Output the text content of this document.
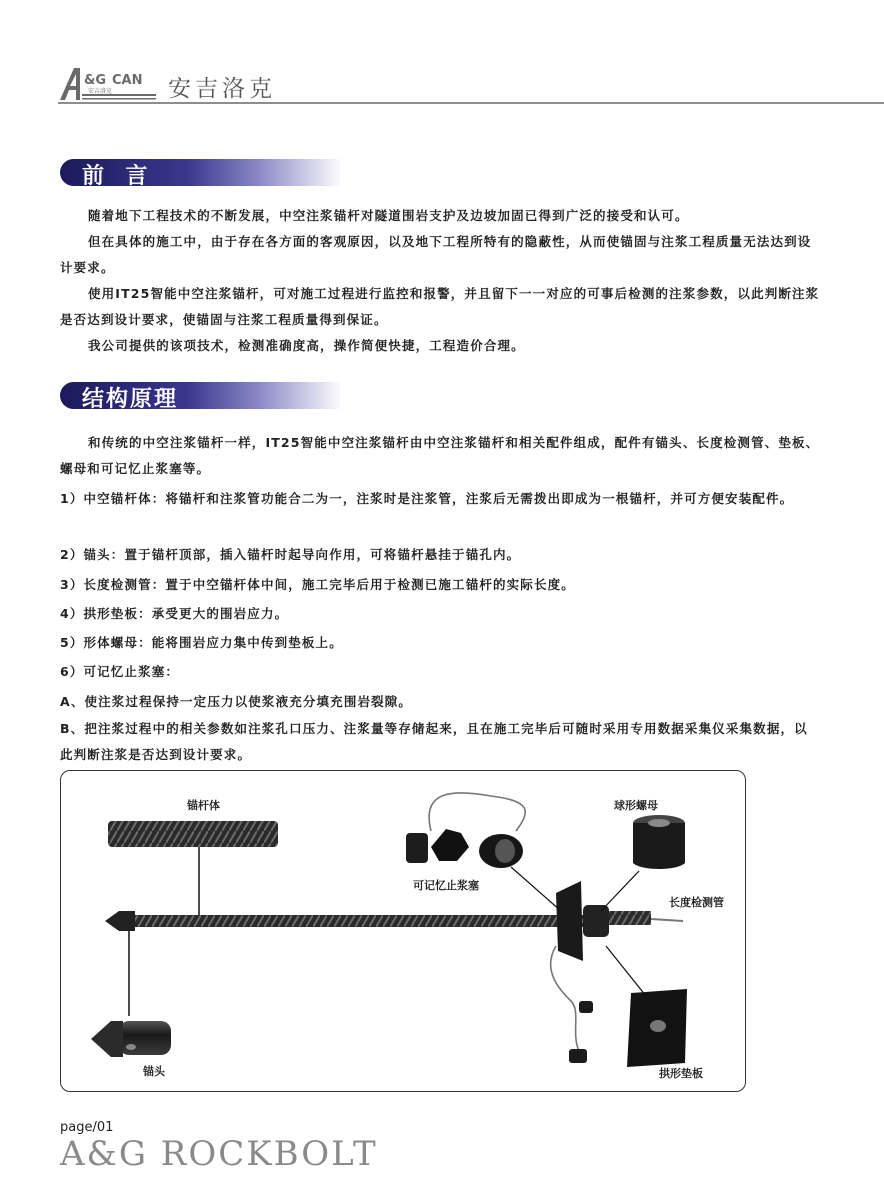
&G CAN
安吉洛克 安吉洛克
前  言

随着地下工程技术的不断发展，中空注浆锚杆对隧道围岩支护及边坡加固已得到广泛的接受和认可。

但在具体的施工中，由于存在各方面的客观原因，以及地下工程所特有的隐蔽性，从而使锚固与注浆工程质量无法达到设计要求。

使用IT25智能中空注浆锚杆，可对施工过程进行监控和报警，并且留下一一对应的可事后检测的注浆参数，以此判断注浆是否达到设计要求，使锚固与注浆工程质量得到保证。

我公司提供的该项技术，检测准确度高，操作简便快捷，工程造价合理。

结构原理

和传统的中空注浆锚杆一样，IT25智能中空注浆锚杆由中空注浆锚杆和相关配件组成，配件有锚头、长度检测管、垫板、螺母和可记忆止浆塞等。

1）中空锚杆体：将锚杆和注浆管功能合二为一，注浆时是注浆管，注浆后无需拨出即成为一根锚杆，并可方便安装配件。

2）锚头：置于锚杆顶部，插入锚杆时起导向作用，可将锚杆悬挂于锚孔内。
3）长度检测管：置于中空锚杆体中间，施工完毕后用于检测已施工锚杆的实际长度。
4）拱形垫板：承受更大的围岩应力。
5）形体螺母：能将围岩应力集中传到垫板上。
6）可记忆止浆塞：
A、使注浆过程保持一定压力以使浆液充分填充围岩裂隙。

B、把注浆过程中的相关参数如注浆孔口压力、注浆量等存储起来，且在施工完毕后可随时采用专用数据采集仪采集数据，以此判断注浆是否达到设计要求。

锚杆体
可记忆止浆塞
球形螺母
长度检测管
锚头	拱形垫板
page/01
A&G ROCKBOLT
